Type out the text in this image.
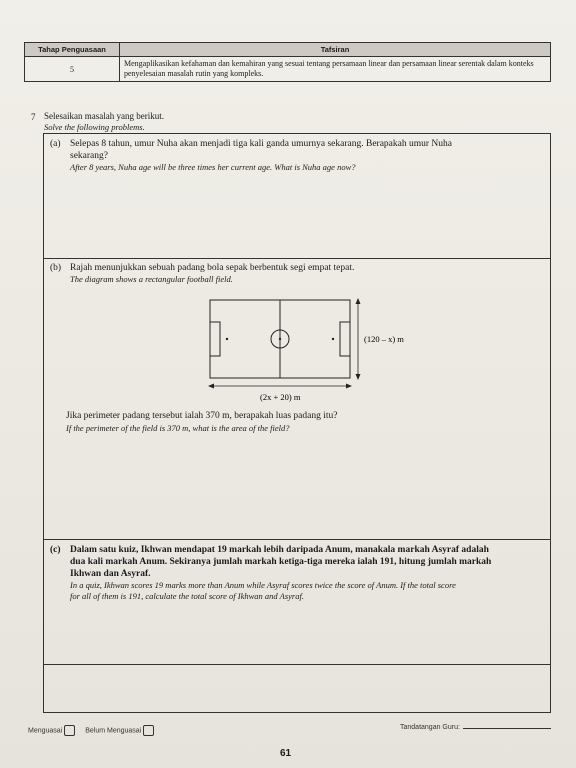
Tahap Penguasaan	Tafsiran
5	Mengaplikasikan kefahaman dan kemahiran yang sesuai tentang persamaan linear dan persamaan linear serentak dalam konteks penyelesaian masalah rutin yang kompleks.
7 Selesaikan masalah yang berikut.
Solve the following problems.
(a) Selepas 8 tahun, umur Nuha akan menjadi tiga kali ganda umurnya sekarang. Berapakah umur Nuha
sekarang?
After 8 years, Nuha age will be three times her current age. What is Nuha age now?
(b) Rajah menunjukkan sebuah padang bola sepak berbentuk segi empat tepat.
The diagram shows a rectangular football field.
(c) Dalam satu kuiz, Ikhwan mendapat 19 markah lebih daripada Anum, manakala markah Asyraf adalah
dua kali markah Anum. Sekiranya jumlah markah ketiga-tiga mereka ialah 191, hitung jumlah markah
Ikhwan dan Asyraf.
In a quiz, Ikhwan scores 19 marks more than Anum while Asyraf scores twice the score of Anum. If the total score
for all of them is 191, calculate the total score of Ikhwan and Asyraf.
(120 – x) m
(2x + 20) m
Jika perimeter padang tersebut ialah 370 m, berapakah luas padang itu?
If the perimeter of the field is 370 m, what is the area of the field?
Menguasai	Belum Menguasai	Tandatangan Guru:
61
